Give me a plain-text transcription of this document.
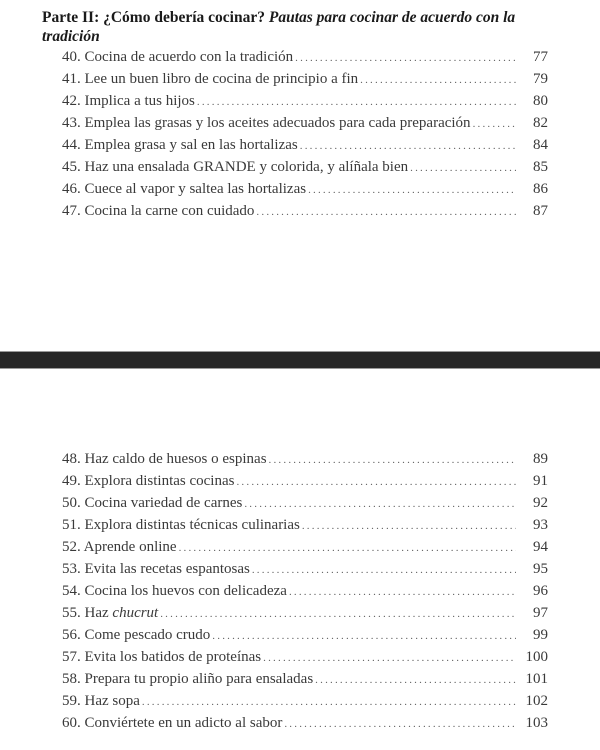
Parte II: ¿Cómo debería cocinar? Pautas para cocinar de acuerdo con la tradición
40. Cocina de acuerdo con la tradición .....	77
41. Lee un buen libro de cocina de principio a fin .....	79
42. Implica a tus hijos .....	80
43. Emplea las grasas y los aceites adecuados para cada preparación .....	82
44. Emplea grasa y sal en las hortalizas .....	84
45. Haz una ensalada GRANDE y colorida, y alíñala bien .....	85
46. Cuece al vapor y saltea las hortalizas .....	86
47. Cocina la carne con cuidado .....	87
48. Haz caldo de huesos o espinas .....	89
49. Explora distintas cocinas .....	91
50. Cocina variedad de carnes .....	92
51. Explora distintas técnicas culinarias .....	93
52. Aprende online .....	94
53. Evita las recetas espantosas .....	95
54. Cocina los huevos con delicadeza .....	96
55. Haz chucrut .....	97
56. Come pescado crudo .....	99
57. Evita los batidos de proteínas .....	100
58. Prepara tu propio aliño para ensaladas .....	101
59. Haz sopa .....	102
60. Conviértete en un adicto al sabor .....	103
